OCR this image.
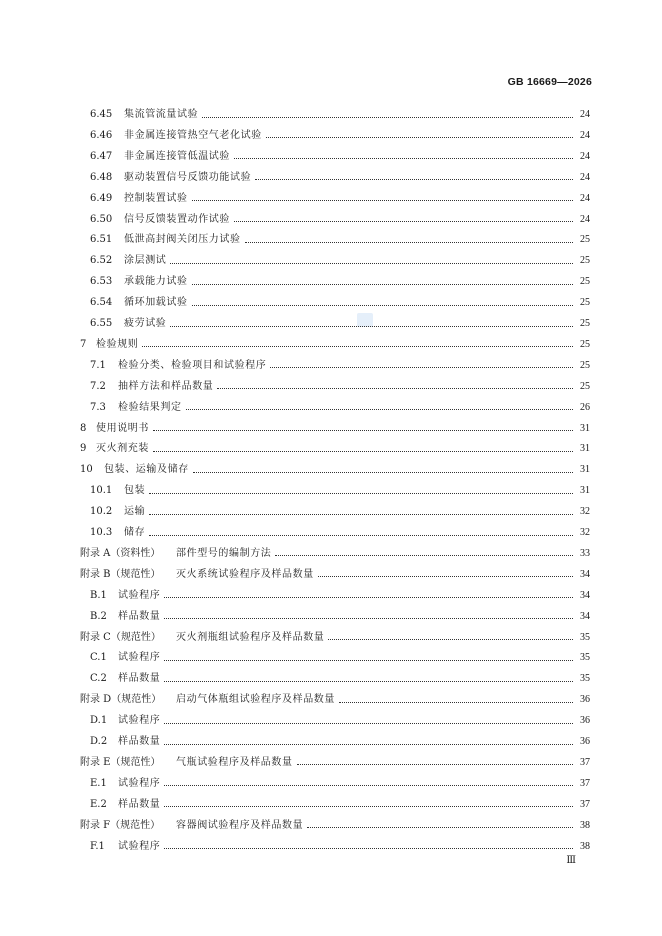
GB 16669—2026
6.45	集流管流量试验	24
6.46	非金属连接管热空气老化试验	24
6.47	非金属连接管低温试验	24
6.48	驱动装置信号反馈功能试验	24
6.49	控制装置试验	24
6.50	信号反馈装置动作试验	24
6.51	低泄高封阀关闭压力试验	25
6.52	涂层测试	25
6.53	承载能力试验	25
6.54	循环加载试验	25
6.55	疲劳试验	25
7 检验规则	25
7.1	检验分类、检验项目和试验程序	25
7.2	抽样方法和样品数量	25
7.3	检验结果判定	26
8 使用说明书	31
9 灭火剂充装	31
10	包装、运输及储存	31
10.1	包装	31
10.2	运输	32
10.3	储存	32
附录 A（资料性）	部件型号的编制方法	33
附录 B（规范性）	灭火系统试验程序及样品数量	34
B.1	试验程序	34
B.2	样品数量	34
附录 C（规范性）	灭火剂瓶组试验程序及样品数量	35
C.1	试验程序	35
C.2	样品数量	35
附录 D（规范性）	启动气体瓶组试验程序及样品数量	36
D.1	试验程序	36
D.2	样品数量	36
附录 E（规范性）	气瓶试验程序及样品数量	37
E.1	试验程序	37
E.2	样品数量	37
附录 F（规范性）	容器阀试验程序及样品数量	38
F.1	试验程序	38
Ⅲ
